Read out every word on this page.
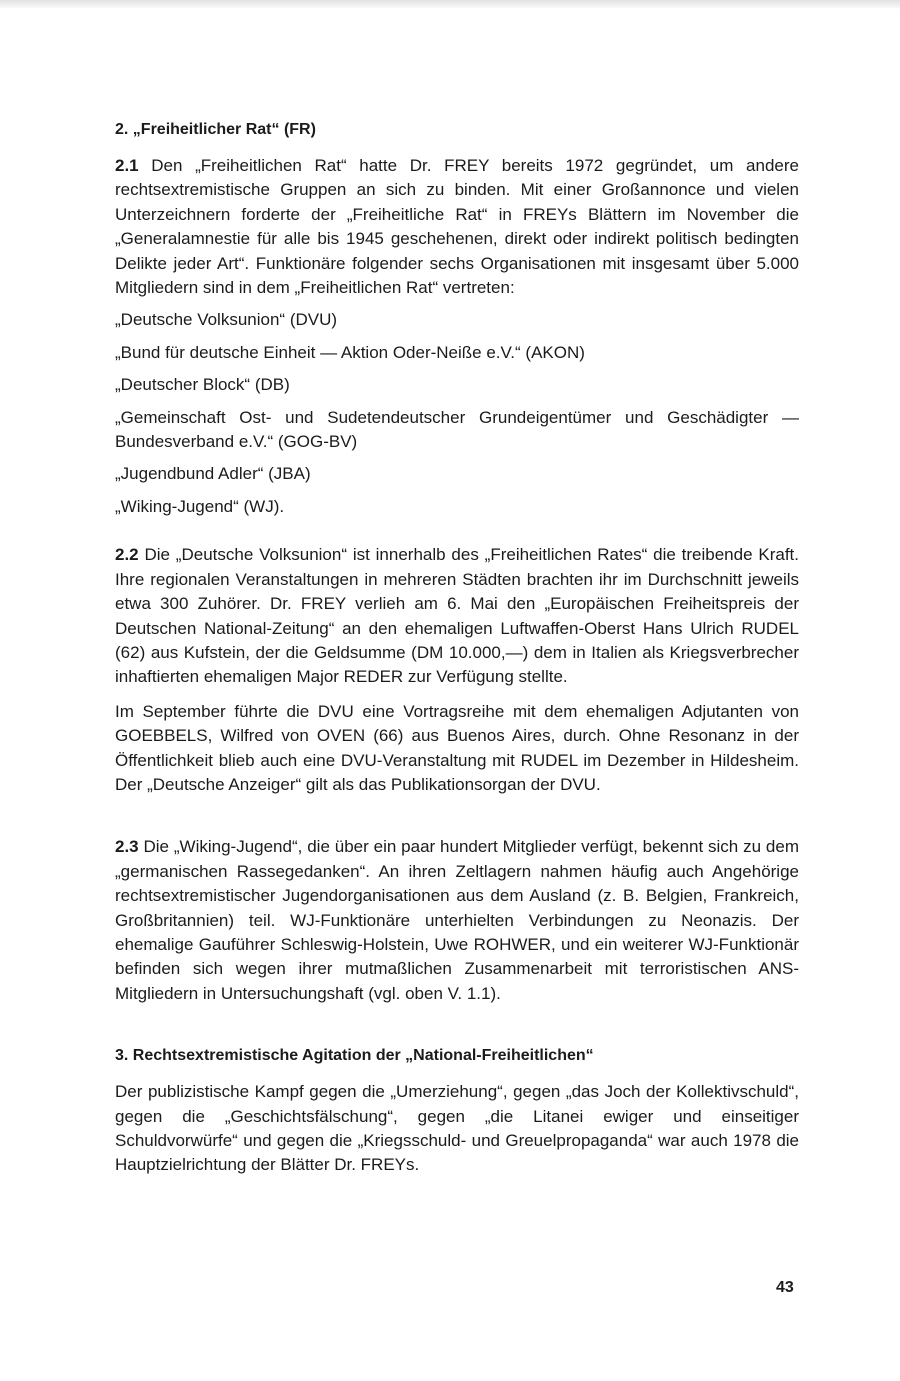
2. „Freiheitlicher Rat“ (FR)

2.1 Den „Freiheitlichen Rat“ hatte Dr. FREY bereits 1972 gegründet, um andere rechtsextremistische Gruppen an sich zu binden. Mit einer Großannonce und vielen Unterzeichnern forderte der „Freiheitliche Rat“ in FREYs Blättern im November die „Generalamnestie für alle bis 1945 geschehenen, direkt oder indirekt politisch bedingten Delikte jeder Art“. Funktionäre folgender sechs Organisationen mit insgesamt über 5.000 Mitgliedern sind in dem „Freiheitlichen Rat“ vertreten:

„Deutsche Volksunion“ (DVU)
„Bund für deutsche Einheit — Aktion Oder-Neiße e.V.“ (AKON)
„Deutscher Block“ (DB)
„Gemeinschaft Ost- und Sudetendeutscher Grundeigentümer und Geschädigter — Bundesverband e.V.“ (GOG-BV)
„Jugendbund Adler“ (JBA)
„Wiking-Jugend“ (WJ).

2.2 Die „Deutsche Volksunion“ ist innerhalb des „Freiheitlichen Rates“ die treibende Kraft. Ihre regionalen Veranstaltungen in mehreren Städten brachten ihr im Durchschnitt jeweils etwa 300 Zuhörer. Dr. FREY verlieh am 6. Mai den „Europäischen Freiheitspreis der Deutschen National-Zeitung“ an den ehemaligen Luftwaffen-Oberst Hans Ulrich RUDEL (62) aus Kufstein, der die Geldsumme (DM 10.000,—) dem in Italien als Kriegsverbrecher inhaftierten ehemaligen Major REDER zur Verfügung stellte.

Im September führte die DVU eine Vortragsreihe mit dem ehemaligen Adjutanten von GOEBBELS, Wilfred von OVEN (66) aus Buenos Aires, durch. Ohne Resonanz in der Öffentlichkeit blieb auch eine DVU-Veranstaltung mit RUDEL im Dezember in Hildesheim. Der „Deutsche Anzeiger“ gilt als das Publikationsorgan der DVU.

2.3 Die „Wiking-Jugend“, die über ein paar hundert Mitglieder verfügt, bekennt sich zu dem „germanischen Rassegedanken“. An ihren Zeltlagern nahmen häufig auch Angehörige rechtsextremistischer Jugendorganisationen aus dem Ausland (z. B. Belgien, Frankreich, Großbritannien) teil. WJ-Funktionäre unterhielten Verbindungen zu Neonazis. Der ehemalige Gauführer Schleswig-Holstein, Uwe ROHWER, und ein weiterer WJ-Funktionär befinden sich wegen ihrer mutmaßlichen Zusammenarbeit mit terroristischen ANS-Mitgliedern in Untersuchungshaft (vgl. oben V. 1.1).

3. Rechtsextremistische Agitation der „National-Freiheitlichen“

Der publizistische Kampf gegen die „Umerziehung“, gegen „das Joch der Kollektivschuld“, gegen die „Geschichtsfälschung“, gegen „die Litanei ewiger und einseitiger Schuldvorwürfe“ und gegen die „Kriegsschuld- und Greuelpropaganda“ war auch 1978 die Hauptzielrichtung der Blätter Dr. FREYs.

43
